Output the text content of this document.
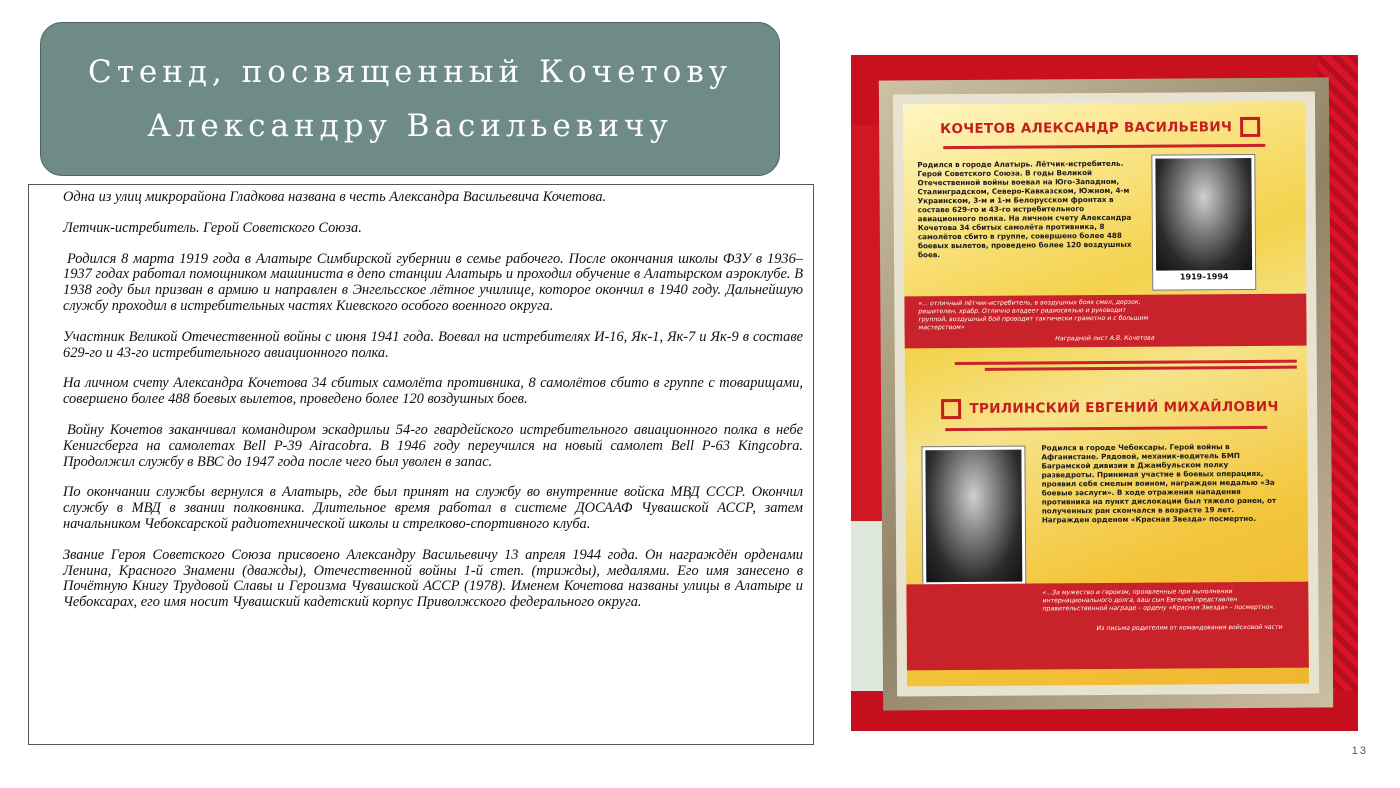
Стенд, посвященный Кочетову
Александру Васильевичу

Одна из улиц микрорайона Гладкова названа в честь Александра Васильевича Кочетова.

Летчик-истребитель. Герой Советского Союза.

Родился 8 марта 1919 года в Алатыре Симбирской губернии в семье рабочего. После окончания школы ФЗУ в 1936–1937 годах работал помощником машиниста в депо станции Алатырь и проходил обучение в Алатырском аэроклубе. В 1938 году был призван в армию и направлен в Энгельсское лётное училище, которое окончил в 1940 году. Дальнейшую службу проходил в истребительных частях Киевского особого военного округа.

Участник Великой Отечественной войны с июня 1941 года. Воевал на истребителях И-16, Як-1, Як-7 и Як-9 в составе 629-го и 43-го истребительного авиационного полка.

На личном счету Александра Кочетова 34 сбитых самолёта противника, 8 самолётов сбито в группе с товарищами, совершено более 488 боевых вылетов, проведено более 120 воздушных боев.

Войну Кочетов заканчивал командиром эскадрильи 54-го гвардейского истребительного авиационного полка в небе Кенигсберга на самолетах Bell P-39 Airacobra. В 1946 году переучился на новый самолет Bell P-63 Kingcobra. Продолжил службу в ВВС до 1947 года после чего был уволен в запас.

По окончании службы вернулся в Алатырь, где был принят на службу во внутренние войска МВД СССР. Окончил службу в МВД в звании полковника. Длительное время работал в системе ДОСААФ Чувашской АССР, затем начальником Чебоксарской радиотехнической школы и стрелково-спортивного клуба.

Звание Героя Советского Союза присвоено Александру Васильевичу 13 апреля 1944 года. Он награждён орденами Ленина, Красного Знамени (дважды), Отечественной войны 1-й степ. (трижды), медалями. Его имя занесено в Почётную Книгу Трудовой Славы и Героизма Чувашской АССР (1978). Именем Кочетова названы улицы в Алатыре и Чебоксарах, его имя носит Чувашский кадетский корпус Приволжского федерального округа.

КОЧЕТОВ АЛЕКСАНДР ВАСИЛЬЕВИЧ
Родился в городе Алатырь. Лётчик-истребитель. Герой Советского Союза. В годы Великой Отечественной войны воевал на Юго-Западном, Сталинградском, Северо-Кавказском, Южном, 4-м Украинском, 3-м и 1-м Белорусском фронтах в составе 629-го и 43-го истребительного авиационного полка. На личном счету Александра Кочетова 34 сбитых самолёта противника, 8 самолётов сбито в группе, совершено более 488 боевых вылетов, проведено более 120 воздушных боев.
1919–1994
«... отличный лётчик-истребитель, в воздушных боях смел, дерзок, решителен, храбр. Отлично владеет радиосвязью и руководит группой, воздушный бой проводит тактически грамотно и с большим мастерством»
Наградной лист А.В. Кочетова
ТРИЛИНСКИЙ ЕВГЕНИЙ МИХАЙЛОВИЧ
Родился в городе Чебоксары. Герой войны в Афганистане. Рядовой, механик-водитель БМП Баграмской дивизии в Джамбульском полку разведроты. Принимая участие в боевых операциях, проявил себя смелым воином, награжден медалью «За боевые заслуги». В ходе отражения нападения противника на пункт дислокации был тяжело ранен, от полученных ран скончался в возрасте 19 лет. Награжден орденом «Красная Звезда» посмертно.
«...За мужество и героизм, проявленные при выполнении интернационального долга, ваш сын Евгений представлен правительственной награде – ордену «Красная Звезда» - посмертно».
Из письма родителям от командования войсковой части
13
